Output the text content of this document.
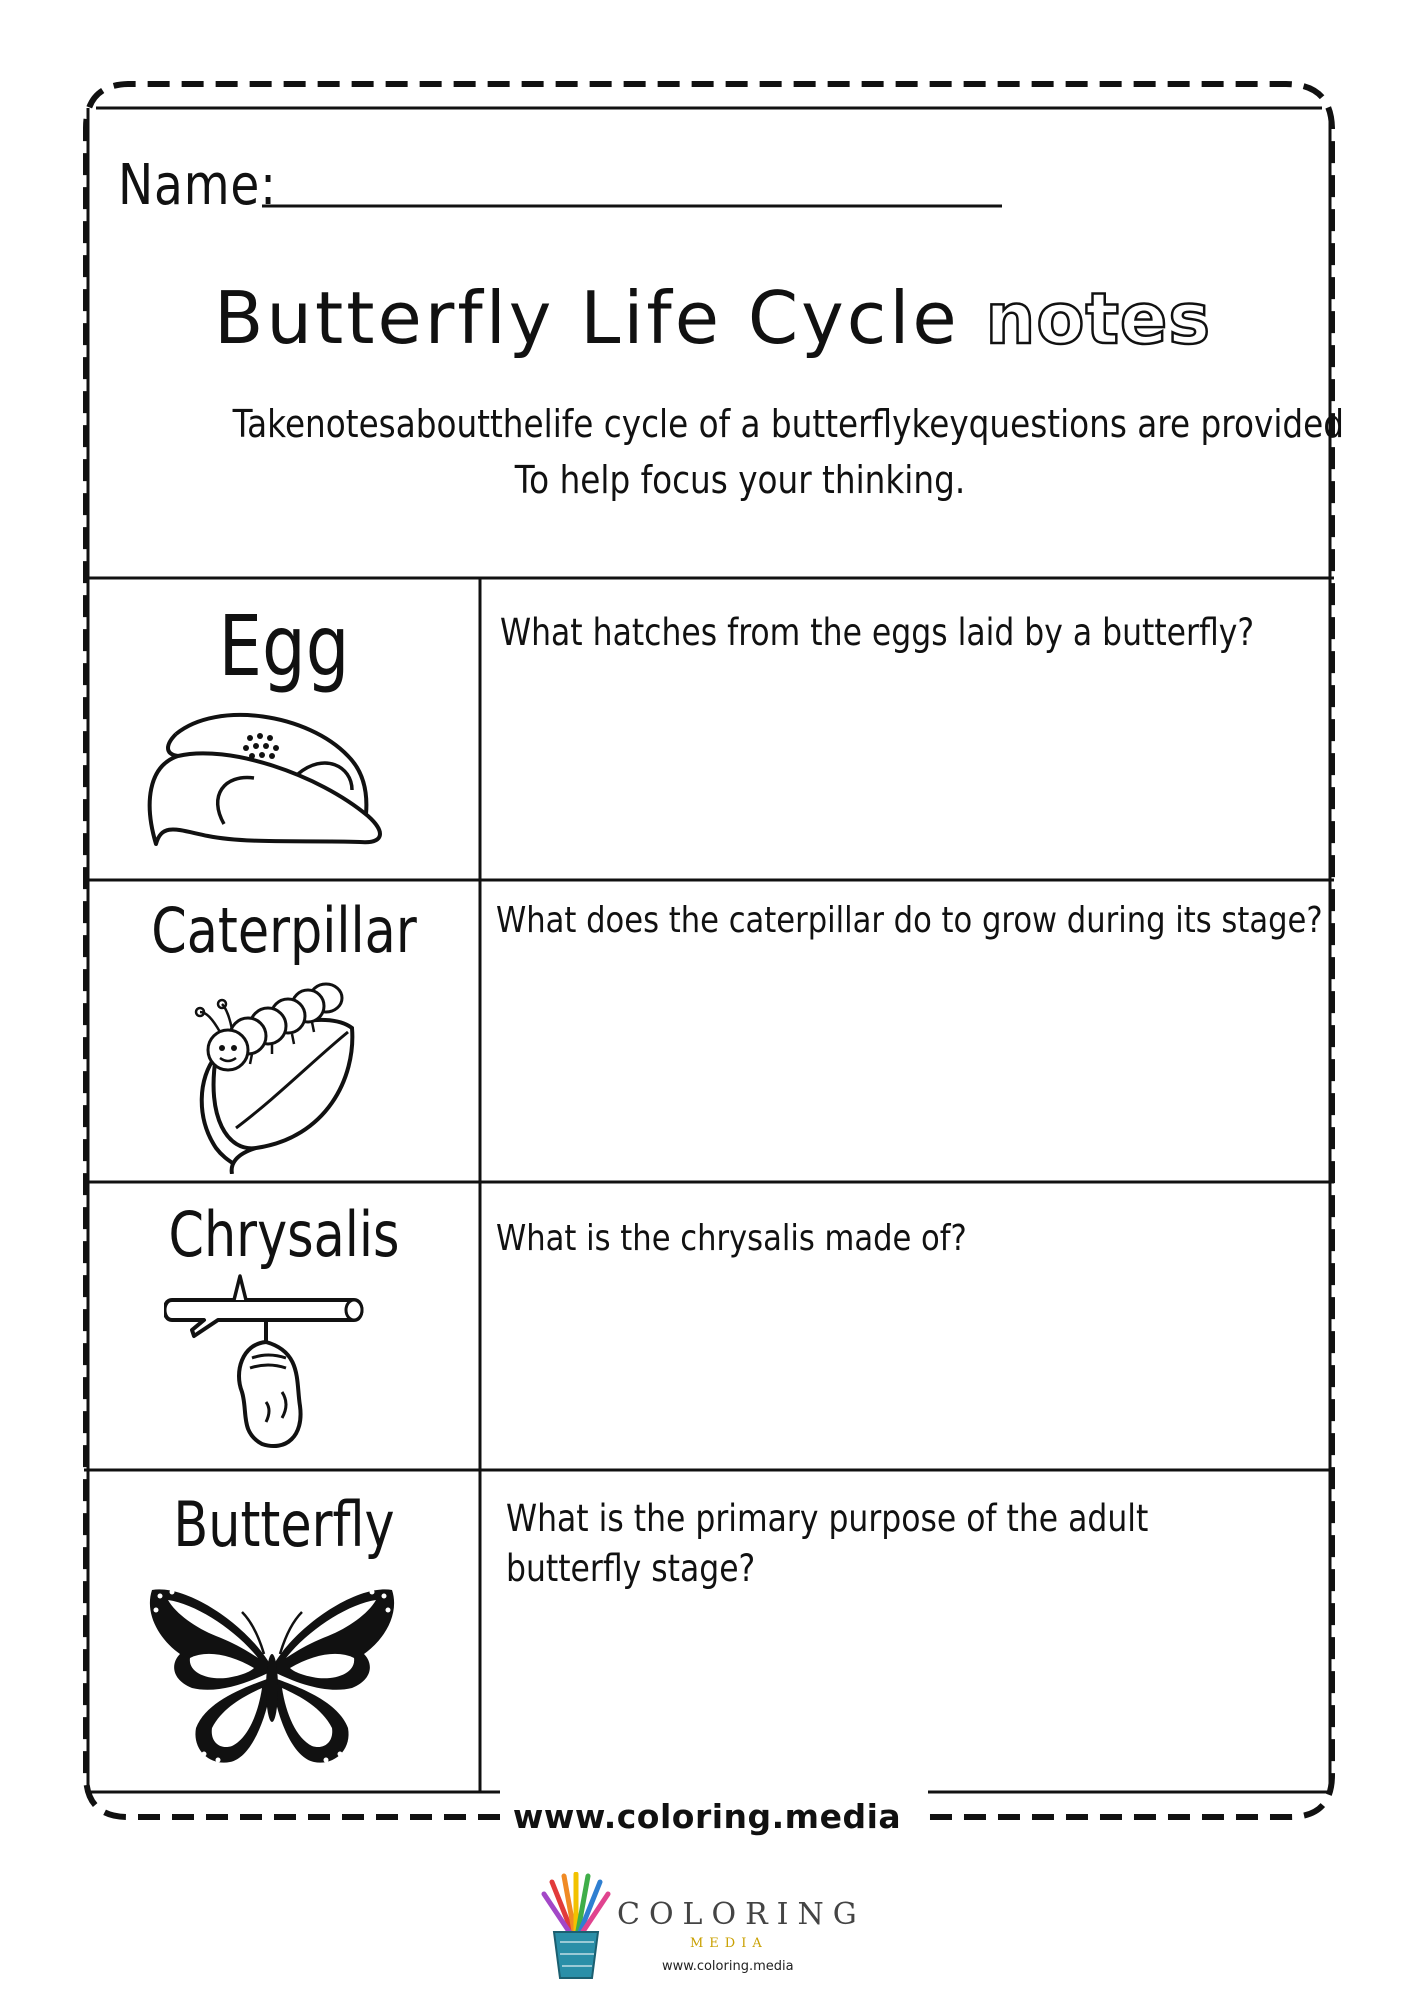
Name:
Butterfly Life Cycle notes
Takenotesaboutthelife cycle of a butterflykeyquestions are provided
To help focus your thinking.
Egg	What hatches from the eggs laid by a butterfly?
Caterpillar	What does the caterpillar do to grow during its stage?
Chrysalis	What is the chrysalis made of?
Butterfly	What is the primary purpose of the adult butterfly stage?
www.coloring.media
COLORING
MEDIA
www.coloring.media
